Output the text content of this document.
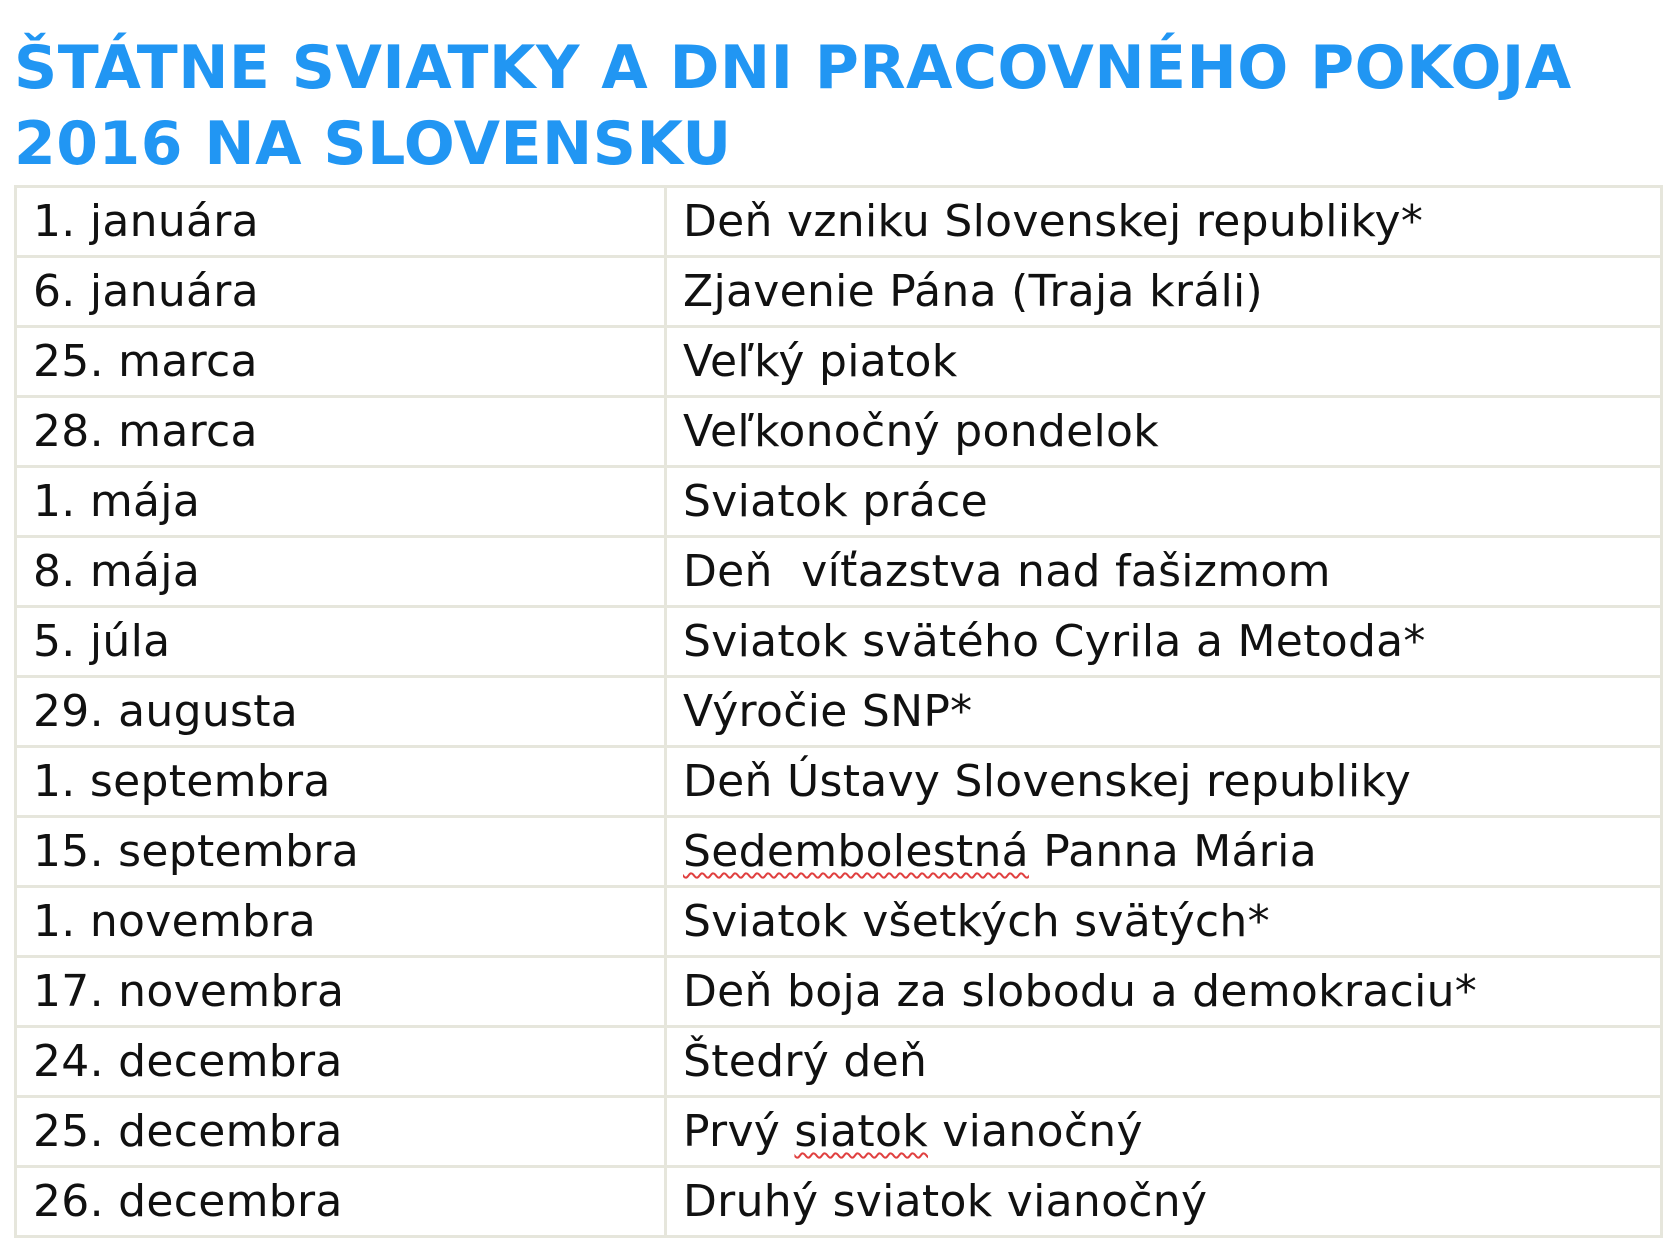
ŠTÁTNE SVIATKY A DNI PRACOVNÉHO POKOJA
2016 NA SLOVENSKU
1. januára	Deň vzniku Slovenskej republiky*
6. januára	Zjavenie Pána (Traja králi)
25. marca	Veľký piatok
28. marca	Veľkonočný pondelok
1. mája	Sviatok práce
8. mája	Deň  víťazstva nad fašizmom
5. júla	Sviatok svätého Cyrila a Metoda*
29. augusta	Výročie SNP*
1. septembra	Deň Ústavy Slovenskej republiky
15. septembra	Sedembolestná Panna Mária
1. novembra	Sviatok všetkých svätých*
17. novembra	Deň boja za slobodu a demokraciu*
24. decembra	Štedrý deň
25. decembra	Prvý siatok vianočný
26. decembra	Druhý sviatok vianočný
